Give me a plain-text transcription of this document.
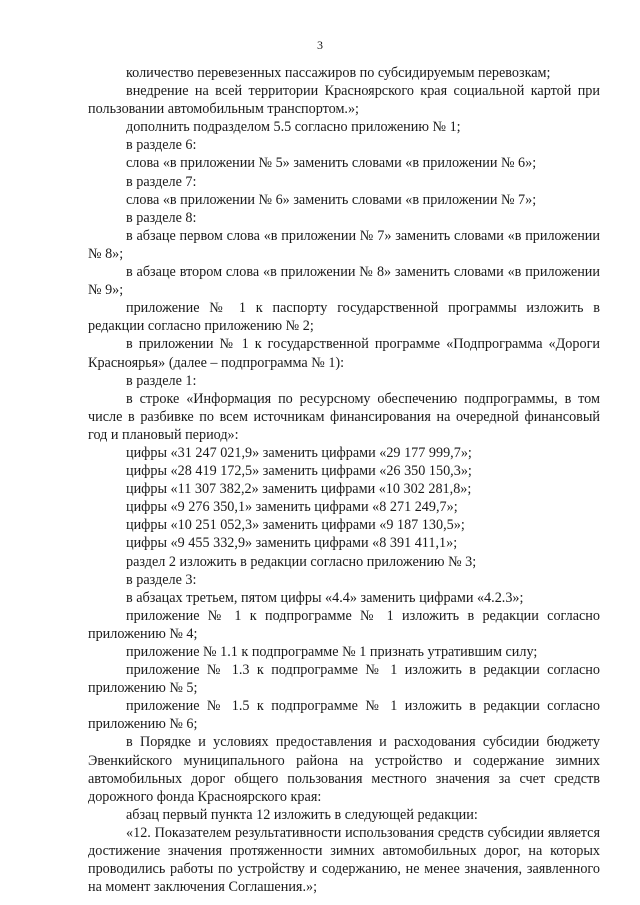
3

количество перевезенных пассажиров по субсидируемым перевозкам;

внедрение на всей территории Красноярского края социальной картой при пользовании автомобильным транспортом.»;

дополнить подразделом 5.5 согласно приложению № 1;

в разделе 6:

слова «в приложении № 5» заменить словами «в приложении № 6»;

в разделе 7:

слова «в приложении № 6» заменить словами «в приложении № 7»;

в разделе 8:

в абзаце первом слова «в приложении № 7» заменить словами «в приложении № 8»;

в абзаце втором слова «в приложении № 8» заменить словами «в приложении № 9»;

приложение № 1 к паспорту государственной программы изложить в редакции согласно приложению № 2;

в приложении № 1 к государственной программе «Подпрограмма «Дороги Красноярья» (далее – подпрограмма № 1):

в разделе 1:

в строке «Информация по ресурсному обеспечению подпрограммы, в том числе в разбивке по всем источникам финансирования на очередной финансовый год и плановый период»:

цифры «31 247 021,9» заменить цифрами «29 177 999,7»;

цифры «28 419 172,5» заменить цифрами «26 350 150,3»;

цифры «11 307 382,2» заменить цифрами «10 302 281,8»;

цифры «9 276 350,1» заменить цифрами «8 271 249,7»;

цифры «10 251 052,3» заменить цифрами «9 187 130,5»;

цифры «9 455 332,9» заменить цифрами «8 391 411,1»;

раздел 2 изложить в редакции согласно приложению № 3;

в разделе 3:

в абзацах третьем, пятом цифры «4.4» заменить цифрами «4.2.3»;

приложение № 1 к подпрограмме № 1 изложить в редакции согласно приложению № 4;

приложение № 1.1 к подпрограмме № 1 признать утратившим силу;

приложение № 1.3 к подпрограмме № 1 изложить в редакции согласно приложению № 5;

приложение № 1.5 к подпрограмме № 1 изложить в редакции согласно приложению № 6;

в Порядке и условиях предоставления и расходования субсидии бюджету Эвенкийского муниципального района на устройство и содержание зимних автомобильных дорог общего пользования местного значения за счет средств дорожного фонда Красноярского края:

абзац первый пункта 12 изложить в следующей редакции:

«12. Показателем результативности использования средств субсидии является достижение значения протяженности зимних автомобильных дорог, на которых проводились работы по устройству и содержанию, не менее значения, заявленного на момент заключения Соглашения.»;
